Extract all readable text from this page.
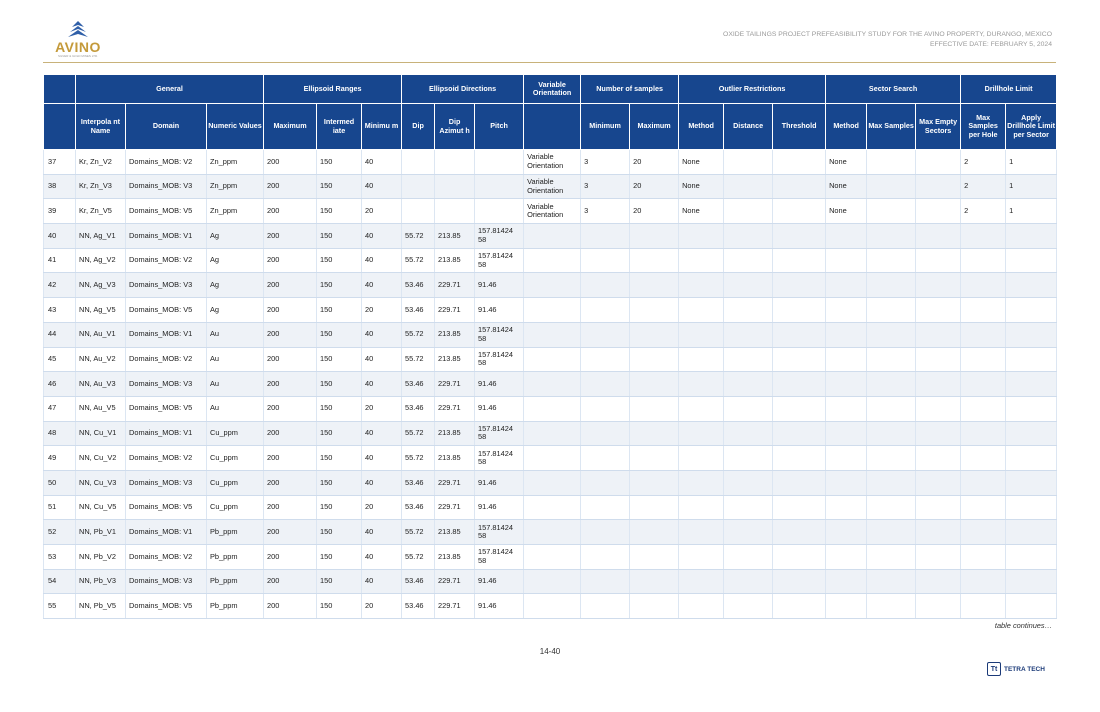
AVINO
SILVER & GOLD MINES LTD.
OXIDE TAILINGS PROJECT PREFEASIBILITY STUDY FOR THE AVINO PROPERTY, DURANGO, MEXICO
EFFECTIVE DATE: FEBRUARY 5, 2024
	General			Ellipsoid Ranges			Ellipsoid Directions			Variable Orientation	Number of samples		Outlier Restrictions			Sector Search			Drillhole Limit	
	Interpola nt Name	Domain	Numeric Values	Maximum	Intermed iate	Minimu m	Dip	Dip Azimut h	Pitch		Minimum	Maximum	Method	Distance	Threshold	Method	Max Samples	Max Empty Sectors	Max Samples per Hole	Apply Drillhole Limit per Sector
37	Kr, Zn_V2	Domains_MOB: V2	Zn_ppm	200	150	40				Variable Orientation	3	20	None			None			2	1
38	Kr, Zn_V3	Domains_MOB: V3	Zn_ppm	200	150	40				Variable Orientation	3	20	None			None			2	1
39	Kr, Zn_V5	Domains_MOB: V5	Zn_ppm	200	150	20				Variable Orientation	3	20	None			None			2	1
40	NN, Ag_V1	Domains_MOB: V1	Ag	200	150	40	55.72	213.85	157.81424 58											
41	NN, Ag_V2	Domains_MOB: V2	Ag	200	150	40	55.72	213.85	157.81424 58											
42	NN, Ag_V3	Domains_MOB: V3	Ag	200	150	40	53.46	229.71	91.46											
43	NN, Ag_V5	Domains_MOB: V5	Ag	200	150	20	53.46	229.71	91.46											
44	NN, Au_V1	Domains_MOB: V1	Au	200	150	40	55.72	213.85	157.81424 58											
45	NN, Au_V2	Domains_MOB: V2	Au	200	150	40	55.72	213.85	157.81424 58											
46	NN, Au_V3	Domains_MOB: V3	Au	200	150	40	53.46	229.71	91.46											
47	NN, Au_V5	Domains_MOB: V5	Au	200	150	20	53.46	229.71	91.46											
48	NN, Cu_V1	Domains_MOB: V1	Cu_ppm	200	150	40	55.72	213.85	157.81424 58											
49	NN, Cu_V2	Domains_MOB: V2	Cu_ppm	200	150	40	55.72	213.85	157.81424 58											
50	NN, Cu_V3	Domains_MOB: V3	Cu_ppm	200	150	40	53.46	229.71	91.46											
51	NN, Cu_V5	Domains_MOB: V5	Cu_ppm	200	150	20	53.46	229.71	91.46											
52	NN, Pb_V1	Domains_MOB: V1	Pb_ppm	200	150	40	55.72	213.85	157.81424 58											
53	NN, Pb_V2	Domains_MOB: V2	Pb_ppm	200	150	40	55.72	213.85	157.81424 58											
54	NN, Pb_V3	Domains_MOB: V3	Pb_ppm	200	150	40	53.46	229.71	91.46											
55	NN, Pb_V5	Domains_MOB: V5	Pb_ppm	200	150	20	53.46	229.71	91.46											
table continues…
14-40
Tt	TETRA TECH
